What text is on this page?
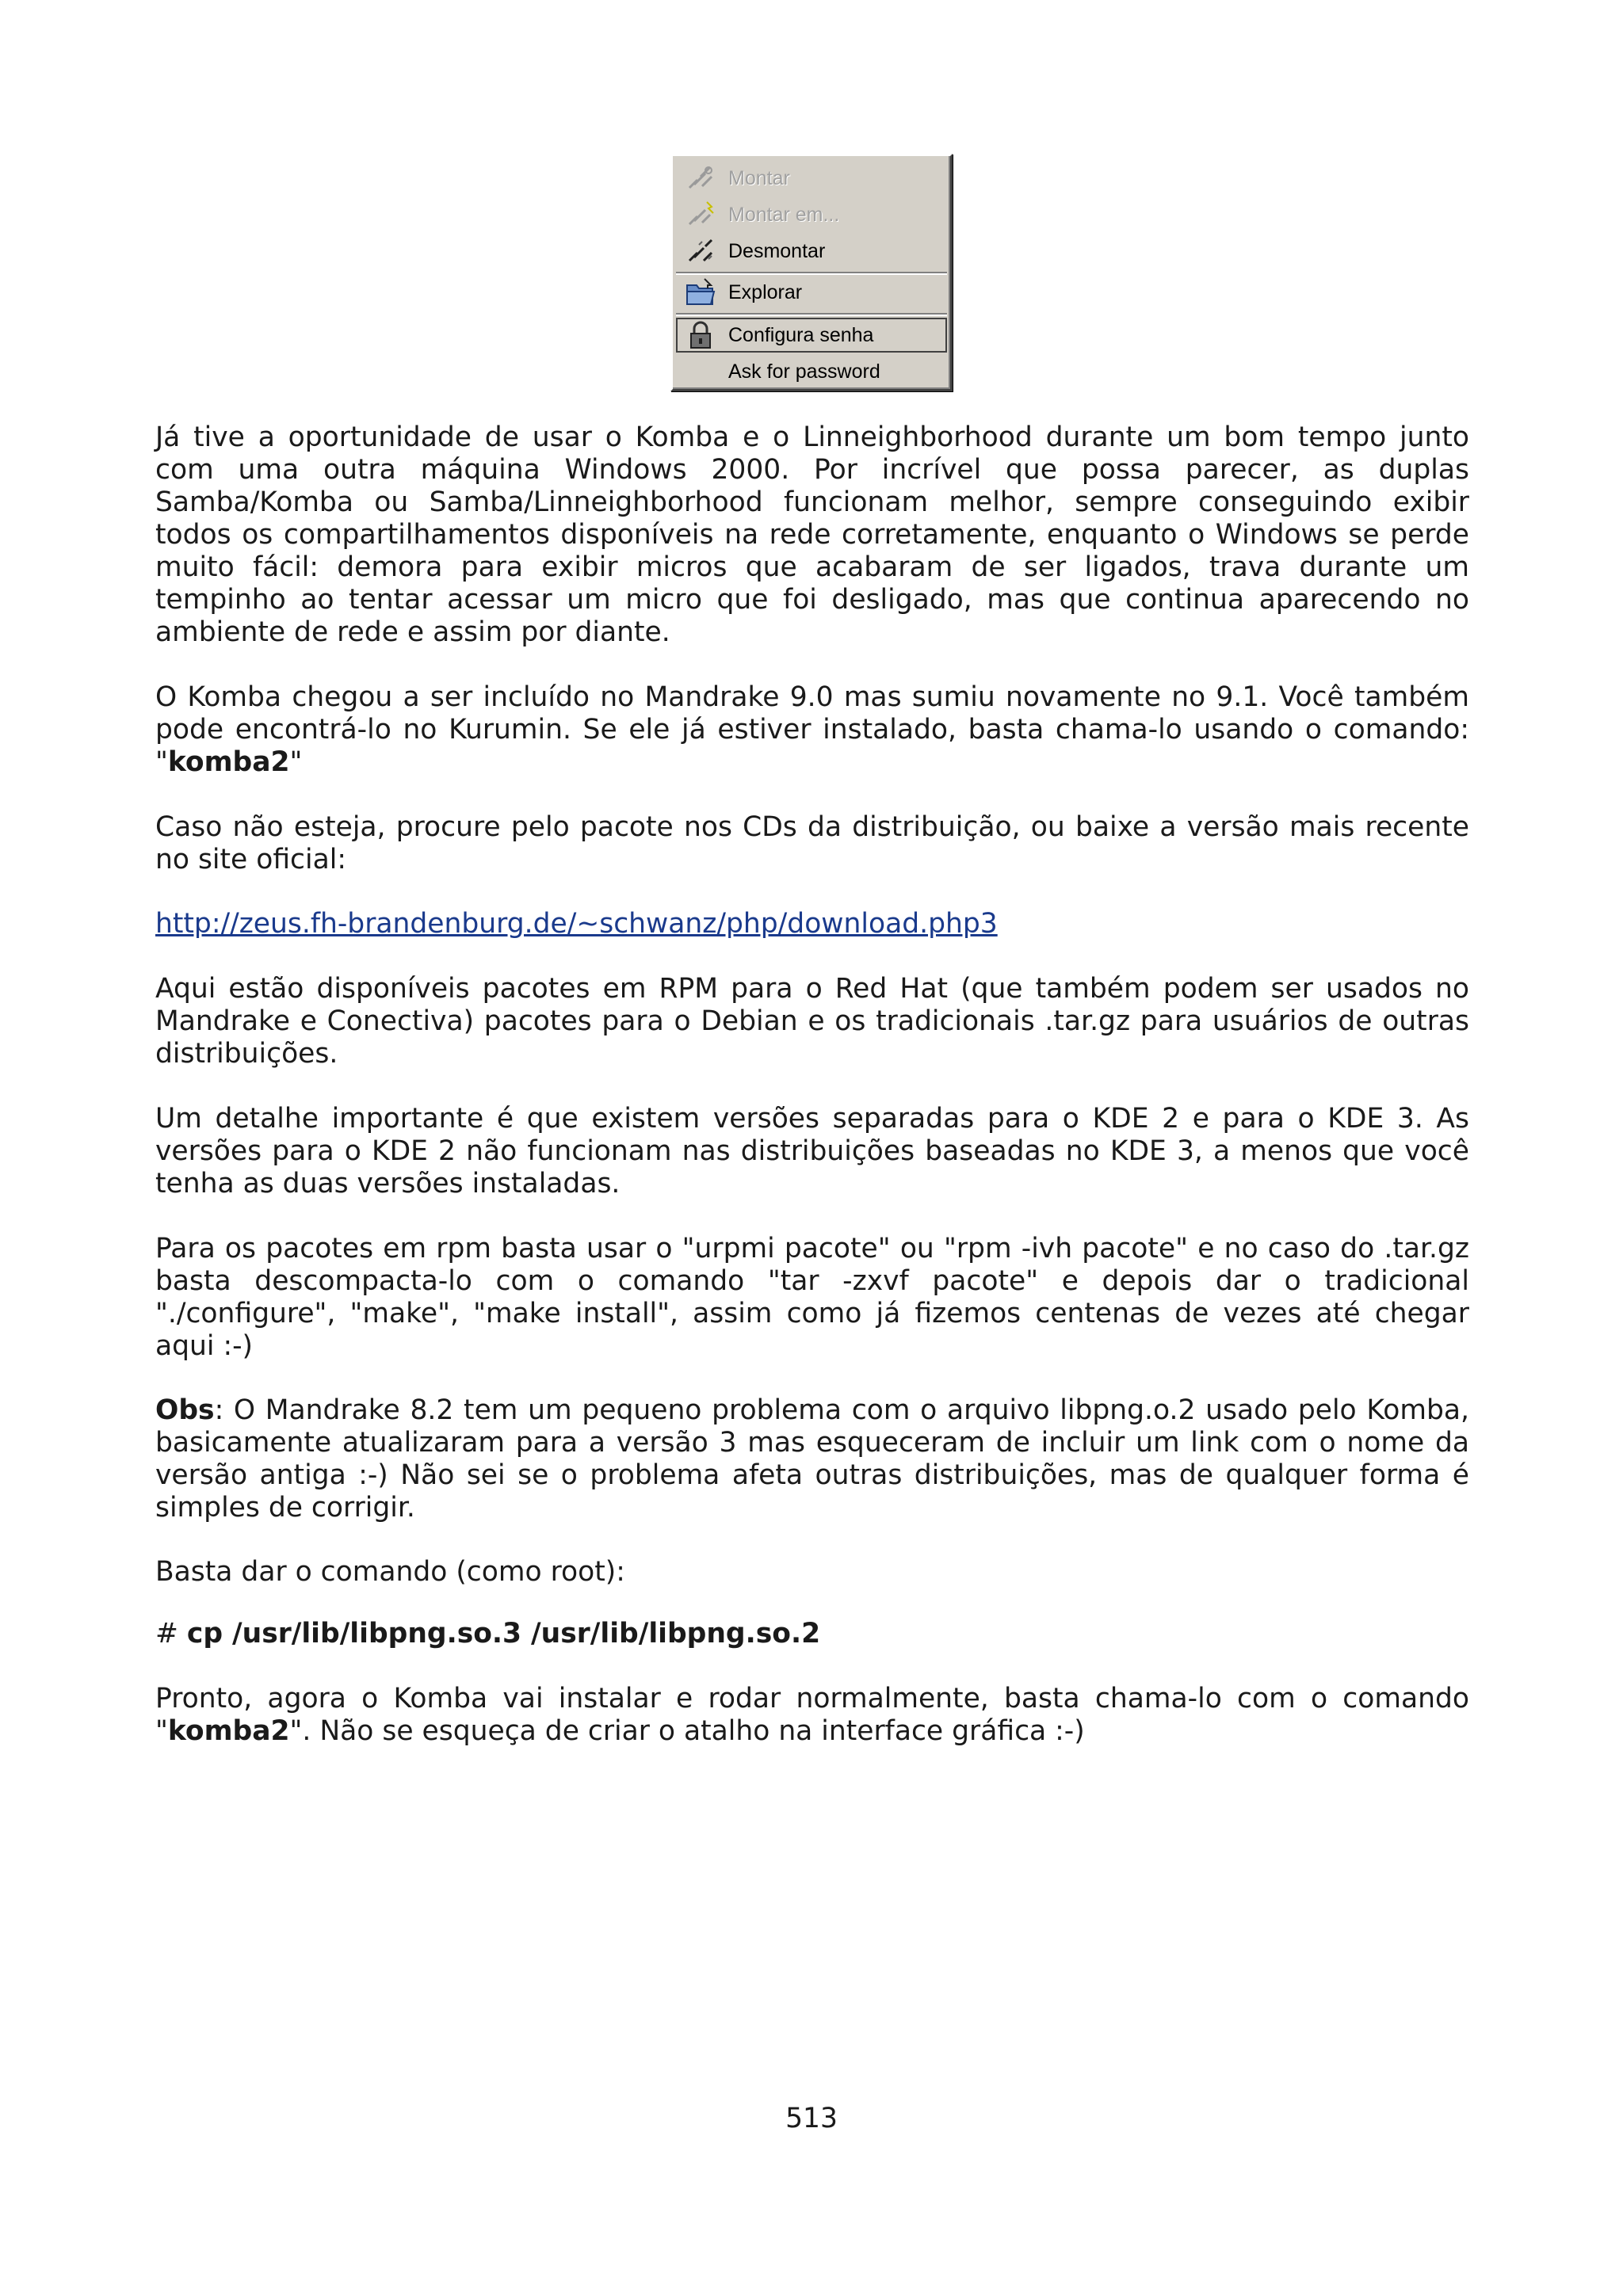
Montar
Montar em...
Desmontar
Explorar
Configura senha
Ask for password

Já tive a oportunidade de usar o Komba e o Linneighborhood durante um bom tempo junto
com uma outra máquina Windows 2000. Por incrível que possa parecer, as duplas
Samba/Komba ou Samba/Linneighborhood funcionam melhor, sempre conseguindo exibir
todos os compartilhamentos disponíveis na rede corretamente, enquanto o Windows se perde
muito fácil: demora para exibir micros que acabaram de ser ligados, trava durante um
tempinho ao tentar acessar um micro que foi desligado, mas que continua aparecendo no
ambiente de rede e assim por diante.

O Komba chegou a ser incluído no Mandrake 9.0 mas sumiu novamente no 9.1. Você também
pode encontrá-lo no Kurumin. Se ele já estiver instalado, basta chama-lo usando o comando:
"komba2"

Caso não esteja, procure pelo pacote nos CDs da distribuição, ou baixe a versão mais recente
no site oficial:

http://zeus.fh-brandenburg.de/~schwanz/php/download.php3

Aqui estão disponíveis pacotes em RPM para o Red Hat (que também podem ser usados no
Mandrake e Conectiva) pacotes para o Debian e os tradicionais .tar.gz para usuários de outras
distribuições.

Um detalhe importante é que existem versões separadas para o KDE 2 e para o KDE 3. As
versões para o KDE 2 não funcionam nas distribuições baseadas no KDE 3, a menos que você
tenha as duas versões instaladas.

Para os pacotes em rpm basta usar o "urpmi pacote" ou "rpm -ivh pacote" e no caso do .tar.gz
basta descompacta-lo com o comando "tar -zxvf pacote" e depois dar o tradicional
"./configure", "make", "make install", assim como já fizemos centenas de vezes até chegar
aqui :-)

Obs: O Mandrake 8.2 tem um pequeno problema com o arquivo libpng.o.2 usado pelo Komba,
basicamente atualizaram para a versão 3 mas esqueceram de incluir um link com o nome da
versão antiga :-) Não sei se o problema afeta outras distribuições, mas de qualquer forma é
simples de corrigir.

Basta dar o comando (como root):

# cp /usr/lib/libpng.so.3 /usr/lib/libpng.so.2

Pronto, agora o Komba vai instalar e rodar normalmente, basta chama-lo com o comando
"komba2". Não se esqueça de criar o atalho na interface gráfica :-)

513
